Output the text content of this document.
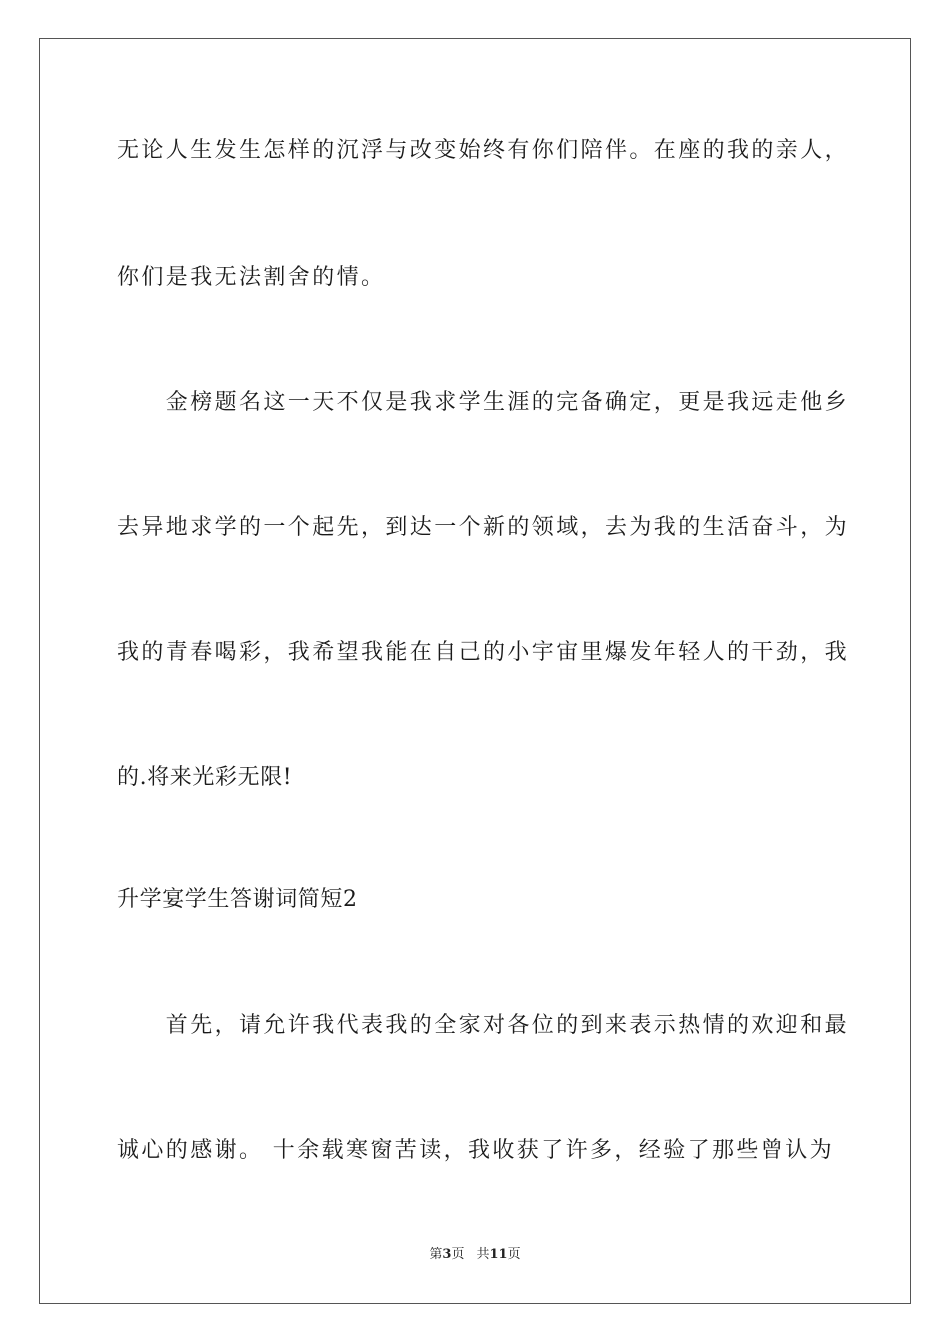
无论人生发生怎样的沉浮与改变始终有你们陪伴。在座的我的亲人，
你们是我无法割舍的情。
　　金榜题名这一天不仅是我求学生涯的完备确定，更是我远走他乡
去异地求学的一个起先，到达一个新的领域，去为我的生活奋斗，为
我的青春喝彩，我希望我能在自己的小宇宙里爆发年轻人的干劲，我
的.将来光彩无限!
升学宴学生答谢词简短2
　　首先，请允许我代表我的全家对各位的到来表示热情的欢迎和最
诚心的感谢。 十余载寒窗苦读，我收获了许多，经验了那些曾认为
第3页 共11页
